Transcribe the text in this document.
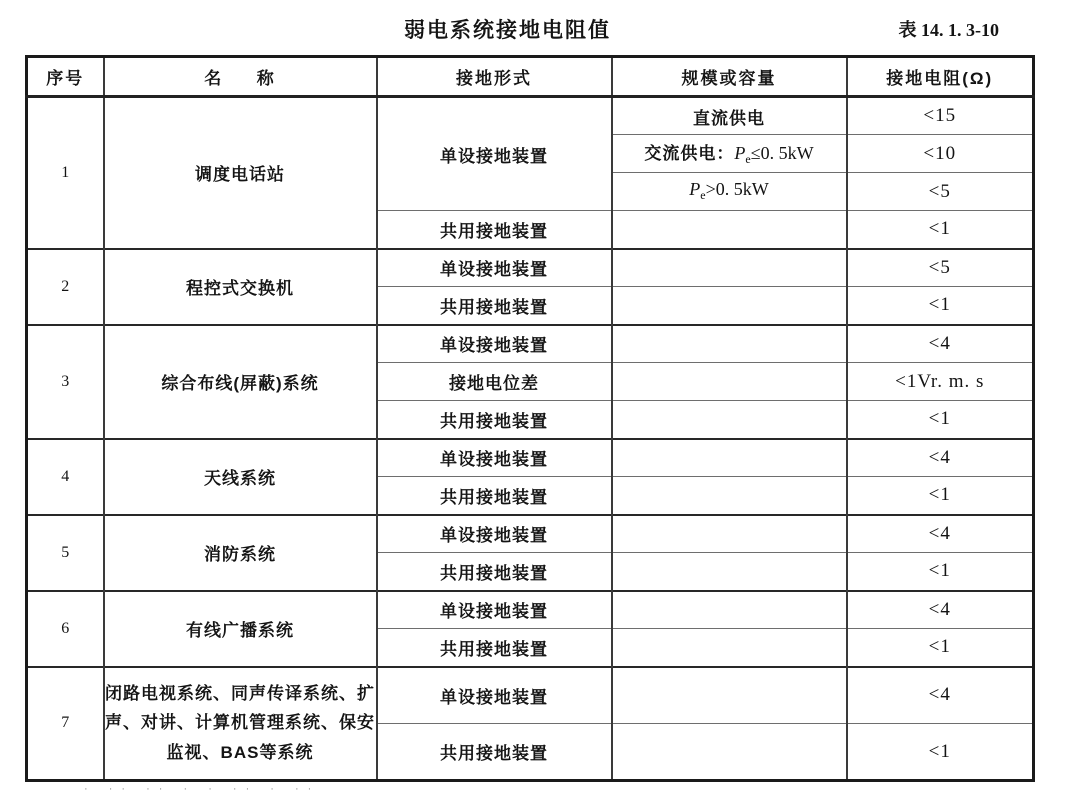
弱电系统接地电阻值	表 14. 1. 3-10
序号	名     称	接地形式	规模或容量	接地电阻(Ω)
1	调度电话站	单设接地装置	直流供电	<15
			交流供电：$P_e\le 0$. 5kW	<10
			$P_e>0$. 5kW	<5
		共用接地装置		<1
2	程控式交换机	单设接地装置		<5
		共用接地装置		<1
3	综合布线(屏蔽)系统	单设接地装置		<4
		接地电位差		<1Vr. m. s
		共用接地装置		<1
4	天线系统	单设接地装置		<4
		共用接地装置		<1
5	消防系统	单设接地装置		<4
		共用接地装置		<1
6	有线广播系统	单设接地装置		<4
		共用接地装置		<1
7	闭路电视系统、同声传译系统、扩声、对讲、计算机管理系统、保安监视、BAS等系统	单设接地装置		<4
		共用接地装置		<1
· ·· ·· · · ·· · ··
